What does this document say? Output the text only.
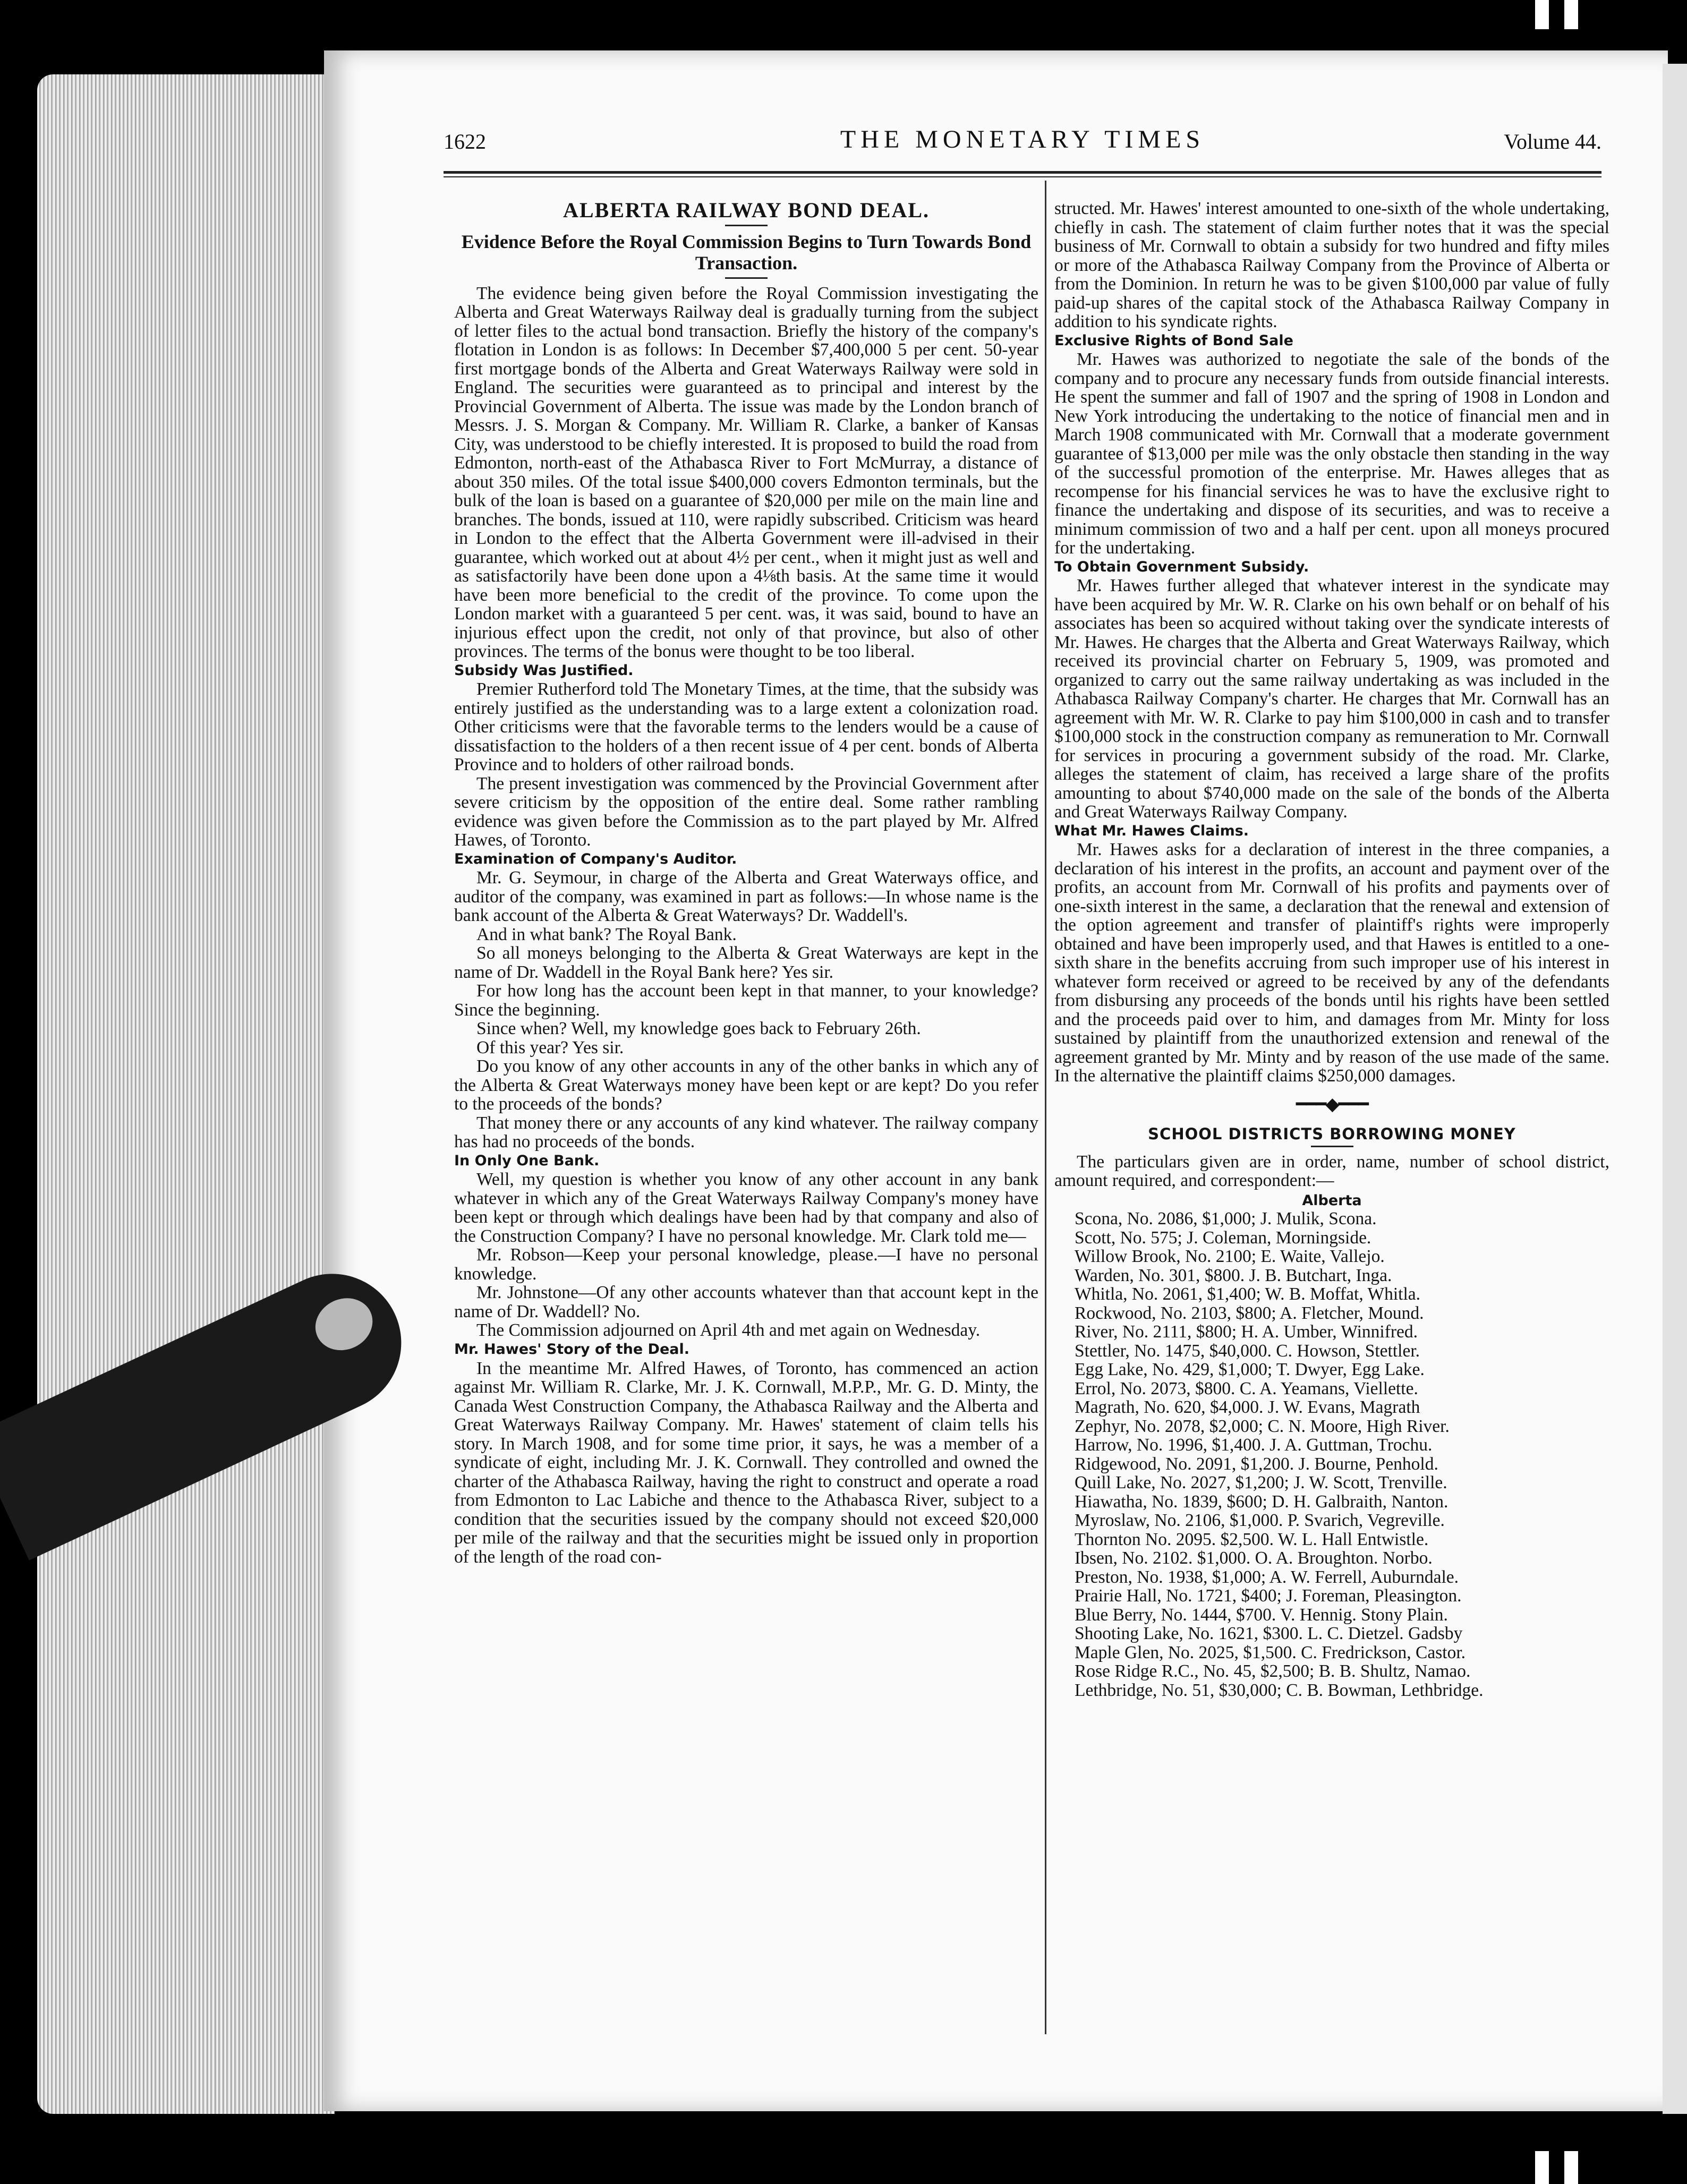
1622	THE MONETARY TIMES	Volume 44.
ALBERTA RAILWAY BOND DEAL.
Evidence Before the Royal Commission Begins to Turn Towards Bond Transaction.

The evidence being given before the Royal Commission investigating the Alberta and Great Waterways Railway deal is gradually turning from the subject of letter files to the actual bond transaction. Briefly the history of the company's flotation in London is as follows: In December $7,400,000 5 per cent. 50-year first mortgage bonds of the Alberta and Great Waterways Railway were sold in England. The securities were guaranteed as to principal and interest by the Provincial Government of Alberta. The issue was made by the London branch of Messrs. J. S. Morgan & Company. Mr. William R. Clarke, a banker of Kansas City, was understood to be chiefly interested. It is proposed to build the road from Edmonton, north-east of the Athabasca River to Fort McMurray, a distance of about 350 miles. Of the total issue $400,000 covers Edmonton terminals, but the bulk of the loan is based on a guarantee of $20,000 per mile on the main line and branches. The bonds, issued at 110, were rapidly subscribed. Criticism was heard in London to the effect that the Alberta Government were ill-advised in their guarantee, which worked out at about 4½ per cent., when it might just as well and as satisfactorily have been done upon a 4⅛th basis. At the same time it would have been more beneficial to the credit of the province. To come upon the London market with a guaranteed 5 per cent. was, it was said, bound to have an injurious effect upon the credit, not only of that province, but also of other provinces. The terms of the bonus were thought to be too liberal.

Subsidy Was Justified.

Premier Rutherford told The Monetary Times, at the time, that the subsidy was entirely justified as the understanding was to a large extent a colonization road. Other criticisms were that the favorable terms to the lenders would be a cause of dissatisfaction to the holders of a then recent issue of 4 per cent. bonds of Alberta Province and to holders of other railroad bonds.

The present investigation was commenced by the Provincial Government after severe criticism by the opposition of the entire deal. Some rather rambling evidence was given before the Commission as to the part played by Mr. Alfred Hawes, of Toronto.

Examination of Company's Auditor.

Mr. G. Seymour, in charge of the Alberta and Great Waterways office, and auditor of the company, was examined in part as follows:—In whose name is the bank account of the Alberta & Great Waterways? Dr. Waddell's.

And in what bank? The Royal Bank.

So all moneys belonging to the Alberta & Great Waterways are kept in the name of Dr. Waddell in the Royal Bank here? Yes sir.

For how long has the account been kept in that manner, to your knowledge? Since the beginning.

Since when? Well, my knowledge goes back to February 26th.

Of this year? Yes sir.

Do you know of any other accounts in any of the other banks in which any of the Alberta & Great Waterways money have been kept or are kept? Do you refer to the proceeds of the bonds?

That money there or any accounts of any kind whatever. The railway company has had no proceeds of the bonds.

In Only One Bank.

Well, my question is whether you know of any other account in any bank whatever in which any of the Great Waterways Railway Company's money have been kept or through which dealings have been had by that company and also of the Construction Company? I have no personal knowledge. Mr. Clark told me—

Mr. Robson—Keep your personal knowledge, please.—I have no personal knowledge.

Mr. Johnstone—Of any other accounts whatever than that account kept in the name of Dr. Waddell? No.

The Commission adjourned on April 4th and met again on Wednesday.

Mr. Hawes' Story of the Deal.

In the meantime Mr. Alfred Hawes, of Toronto, has commenced an action against Mr. William R. Clarke, Mr. J. K. Cornwall, M.P.P., Mr. G. D. Minty, the Canada West Construction Company, the Athabasca Railway and the Alberta and Great Waterways Railway Company. Mr. Hawes' statement of claim tells his story. In March 1908, and for some time prior, it says, he was a member of a syndicate of eight, including Mr. J. K. Cornwall. They controlled and owned the charter of the Athabasca Railway, having the right to construct and operate a road from Edmonton to Lac Labiche and thence to the Athabasca River, subject to a condition that the securities issued by the company should not exceed $20,000 per mile of the railway and that the securities might be issued only in proportion of the length of the road con-

structed. Mr. Hawes' interest amounted to one-sixth of the whole undertaking, chiefly in cash. The statement of claim further notes that it was the special business of Mr. Cornwall to obtain a subsidy for two hundred and fifty miles or more of the Athabasca Railway Company from the Province of Alberta or from the Dominion. In return he was to be given $100,000 par value of fully paid-up shares of the capital stock of the Athabasca Railway Company in addition to his syndicate rights.

Exclusive Rights of Bond Sale

Mr. Hawes was authorized to negotiate the sale of the bonds of the company and to procure any necessary funds from outside financial interests. He spent the summer and fall of 1907 and the spring of 1908 in London and New York introducing the undertaking to the notice of financial men and in March 1908 communicated with Mr. Cornwall that a moderate government guarantee of $13,000 per mile was the only obstacle then standing in the way of the successful promotion of the enterprise. Mr. Hawes alleges that as recompense for his financial services he was to have the exclusive right to finance the undertaking and dispose of its securities, and was to receive a minimum commission of two and a half per cent. upon all moneys procured for the undertaking.

To Obtain Government Subsidy.

Mr. Hawes further alleged that whatever interest in the syndicate may have been acquired by Mr. W. R. Clarke on his own behalf or on behalf of his associates has been so acquired without taking over the syndicate interests of Mr. Hawes. He charges that the Alberta and Great Waterways Railway, which received its provincial charter on February 5, 1909, was promoted and organized to carry out the same railway undertaking as was included in the Athabasca Railway Company's charter. He charges that Mr. Cornwall has an agreement with Mr. W. R. Clarke to pay him $100,000 in cash and to transfer $100,000 stock in the construction company as remuneration to Mr. Cornwall for services in procuring a government subsidy of the road. Mr. Clarke, alleges the statement of claim, has received a large share of the profits amounting to about $740,000 made on the sale of the bonds of the Alberta and Great Waterways Railway Company.

What Mr. Hawes Claims.

Mr. Hawes asks for a declaration of interest in the three companies, a declaration of his interest in the profits, an account and payment over of the profits, an account from Mr. Cornwall of his profits and payments over of one-sixth interest in the same, a declaration that the renewal and extension of the option agreement and transfer of plaintiff's rights were improperly obtained and have been improperly used, and that Hawes is entitled to a one-sixth share in the benefits accruing from such improper use of his interest in whatever form received or agreed to be received by any of the defendants from disbursing any proceeds of the bonds until his rights have been settled and the proceeds paid over to him, and damages from Mr. Minty for loss sustained by plaintiff from the unauthorized extension and renewal of the agreement granted by Mr. Minty and by reason of the use made of the same. In the alternative the plaintiff claims $250,000 damages.

━━━◆━━━
SCHOOL DISTRICTS BORROWING MONEY

The particulars given are in order, name, number of school district, amount required, and correspondent:—

Alberta
Scona, No. 2086, $1,000; J. Mulik, Scona.
Scott, No. 575; J. Coleman, Morningside.
Willow Brook, No. 2100; E. Waite, Vallejo.
Warden, No. 301, $800. J. B. Butchart, Inga.
Whitla, No. 2061, $1,400; W. B. Moffat, Whitla.
Rockwood, No. 2103, $800; A. Fletcher, Mound.
River, No. 2111, $800; H. A. Umber, Winnifred.
Stettler, No. 1475, $40,000. C. Howson, Stettler.
Egg Lake, No. 429, $1,000; T. Dwyer, Egg Lake.
Errol, No. 2073, $800. C. A. Yeamans, Viellette.
Magrath, No. 620, $4,000. J. W. Evans, Magrath
Zephyr, No. 2078, $2,000; C. N. Moore, High River.
Harrow, No. 1996, $1,400. J. A. Guttman, Trochu.
Ridgewood, No. 2091, $1,200. J. Bourne, Penhold.
Quill Lake, No. 2027, $1,200; J. W. Scott, Trenville.
Hiawatha, No. 1839, $600; D. H. Galbraith, Nanton.
Myroslaw, No. 2106, $1,000. P. Svarich, Vegreville.
Thornton No. 2095. $2,500. W. L. Hall Entwistle.
Ibsen, No. 2102. $1,000. O. A. Broughton. Norbo.
Preston, No. 1938, $1,000; A. W. Ferrell, Auburndale.
Prairie Hall, No. 1721, $400; J. Foreman, Pleasington.
Blue Berry, No. 1444, $700. V. Hennig. Stony Plain.
Shooting Lake, No. 1621, $300. L. C. Dietzel. Gadsby
Maple Glen, No. 2025, $1,500. C. Fredrickson, Castor.
Rose Ridge R.C., No. 45, $2,500; B. B. Shultz, Namao.
Lethbridge, No. 51, $30,000; C. B. Bowman, Lethbridge.
